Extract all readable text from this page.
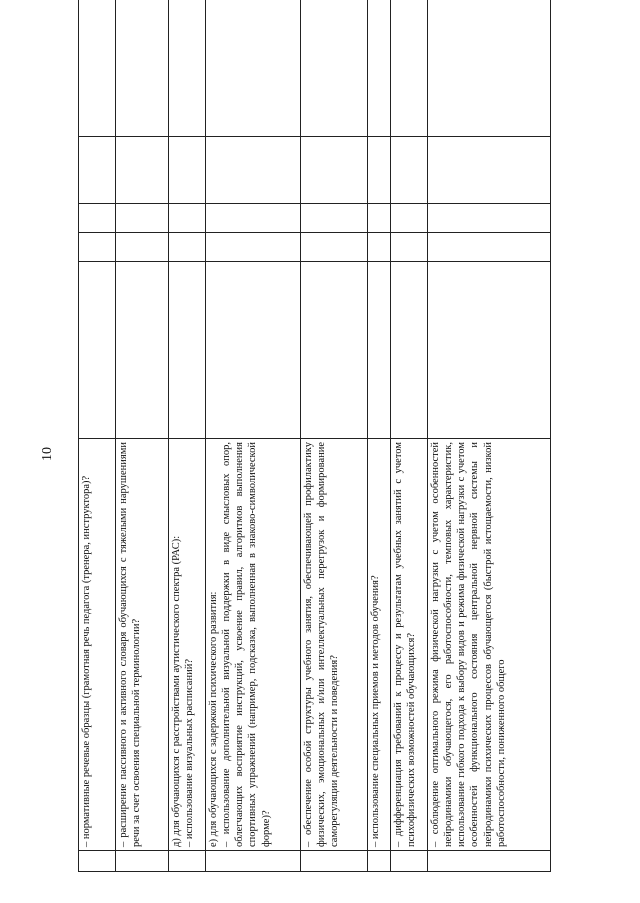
10

	– нормативные речевые образцы (грамотная речь педагога (тренера, инструктора)?					

	– расширение пассивного и активного словаря обучающихся с тяжелыми нарушениями речи за счет освоения специальной терминологии?					

	д) для обучающихся с расстройствами аутистического спектра (РАС): – использование визуальных расписаний?					

	е) для обучающихся с задержкой психического развития: – использование дополнительной визуальной поддержки в виде смысловых опор, облегчающих восприятие инструкций, усвоение правил, алгоритмов выполнения спортивных упражнений (например, подсказка, выполненная в знаково-символической форме)?					

	– обеспечение особой структуры учебного занятия, обеспечивающей профилактику физических, эмоциональных и/или интеллектуальных перегрузок и формирование саморегуляции деятельности и поведения?					

	– использование специальных приемов и методов обучения?					

	– дифференциация требований к процессу и результатам учебных занятий с учетом психофизических возможностей обучающихся?					

	– соблюдение оптимального режима физической нагрузки с учетом особенностей нейродинамики обучающегося, его работоспособности, темповых характеристик, использование гибкого подхода к выбору видов и режима физической нагрузки с учетом особенностей функционального состояния центральной нервной системы и нейродинамики психических процессов обучающегося (быстрой истощаемости, низкой работоспособности, пониженного общего					
